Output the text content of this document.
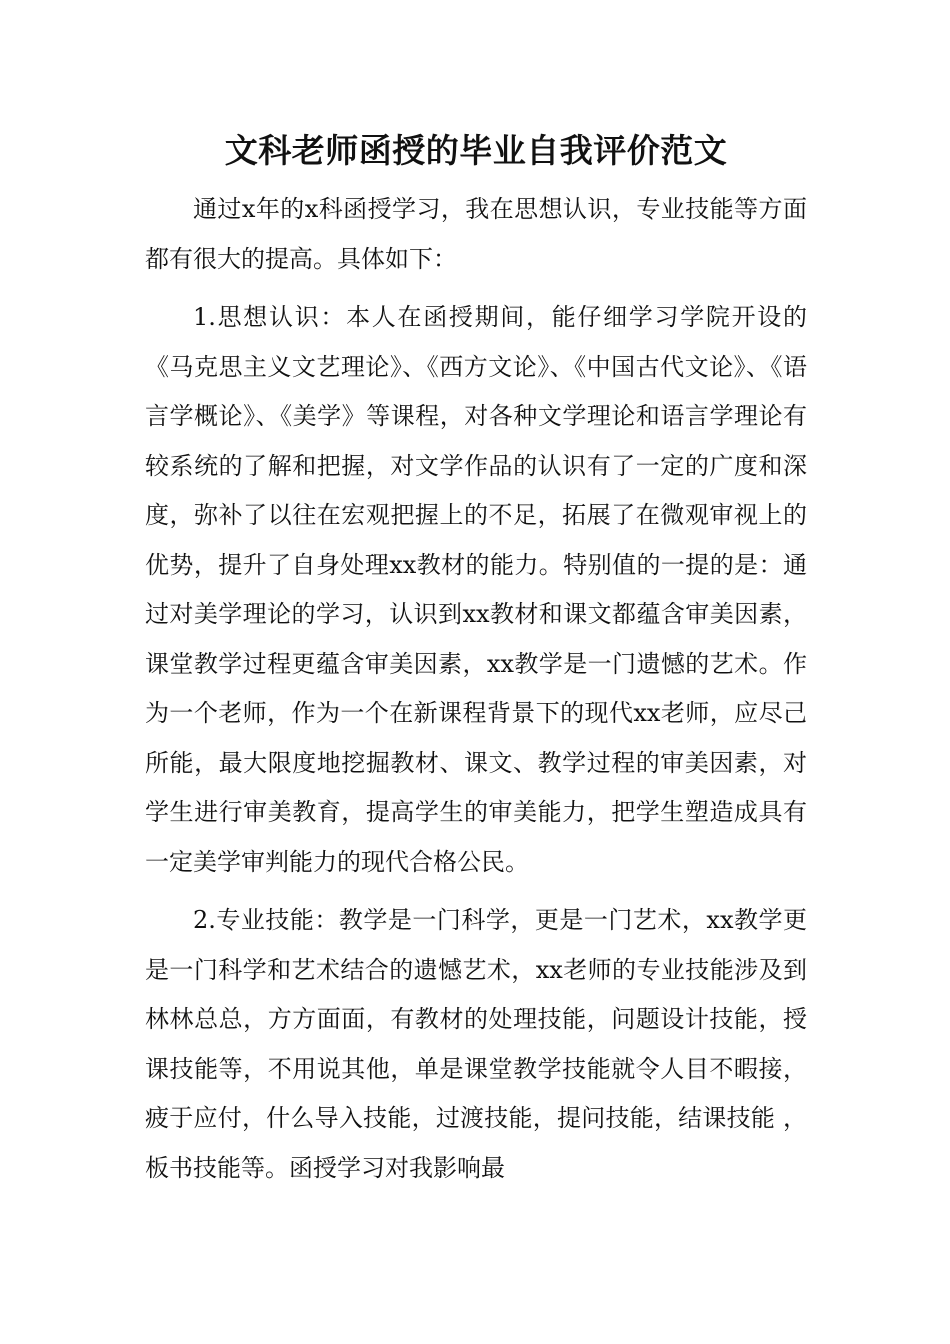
文科老师函授的毕业自我评价范文

通过x年的x科函授学习，我在思想认识，专业技能等方面都有很大的提高。具体如下：

1.思想认识：本人在函授期间，能仔细学习学院开设的《马克思主义文艺理论》、《西方文论》、《中国古代文论》、《语言学概论》、《美学》等课程，对各种文学理论和语言学理论有较系统的了解和把握，对文学作品的认识有了一定的广度和深度，弥补了以往在宏观把握上的不足，拓展了在微观审视上的优势，提升了自身处理xx教材的能力。特别值的一提的是：通过对美学理论的学习，认识到xx教材和课文都蕴含审美因素，课堂教学过程更蕴含审美因素，xx教学是一门遗憾的艺术。作为一个老师，作为一个在新课程背景下的现代xx老师，应尽己所能，最大限度地挖掘教材、课文、教学过程的审美因素，对学生进行审美教育，提高学生的审美能力，把学生塑造成具有一定美学审判能力的现代合格公民。

2.专业技能：教学是一门科学，更是一门艺术，xx教学更是一门科学和艺术结合的遗憾艺术，xx老师的专业技能涉及到林林总总，方方面面，有教材的处理技能，问题设计技能，授课技能等，不用说其他，单是课堂教学技能就令人目不暇接，疲于应付，什么导入技能，过渡技能，提问技能，结课技能 ，板书技能等。函授学习对我影响最
